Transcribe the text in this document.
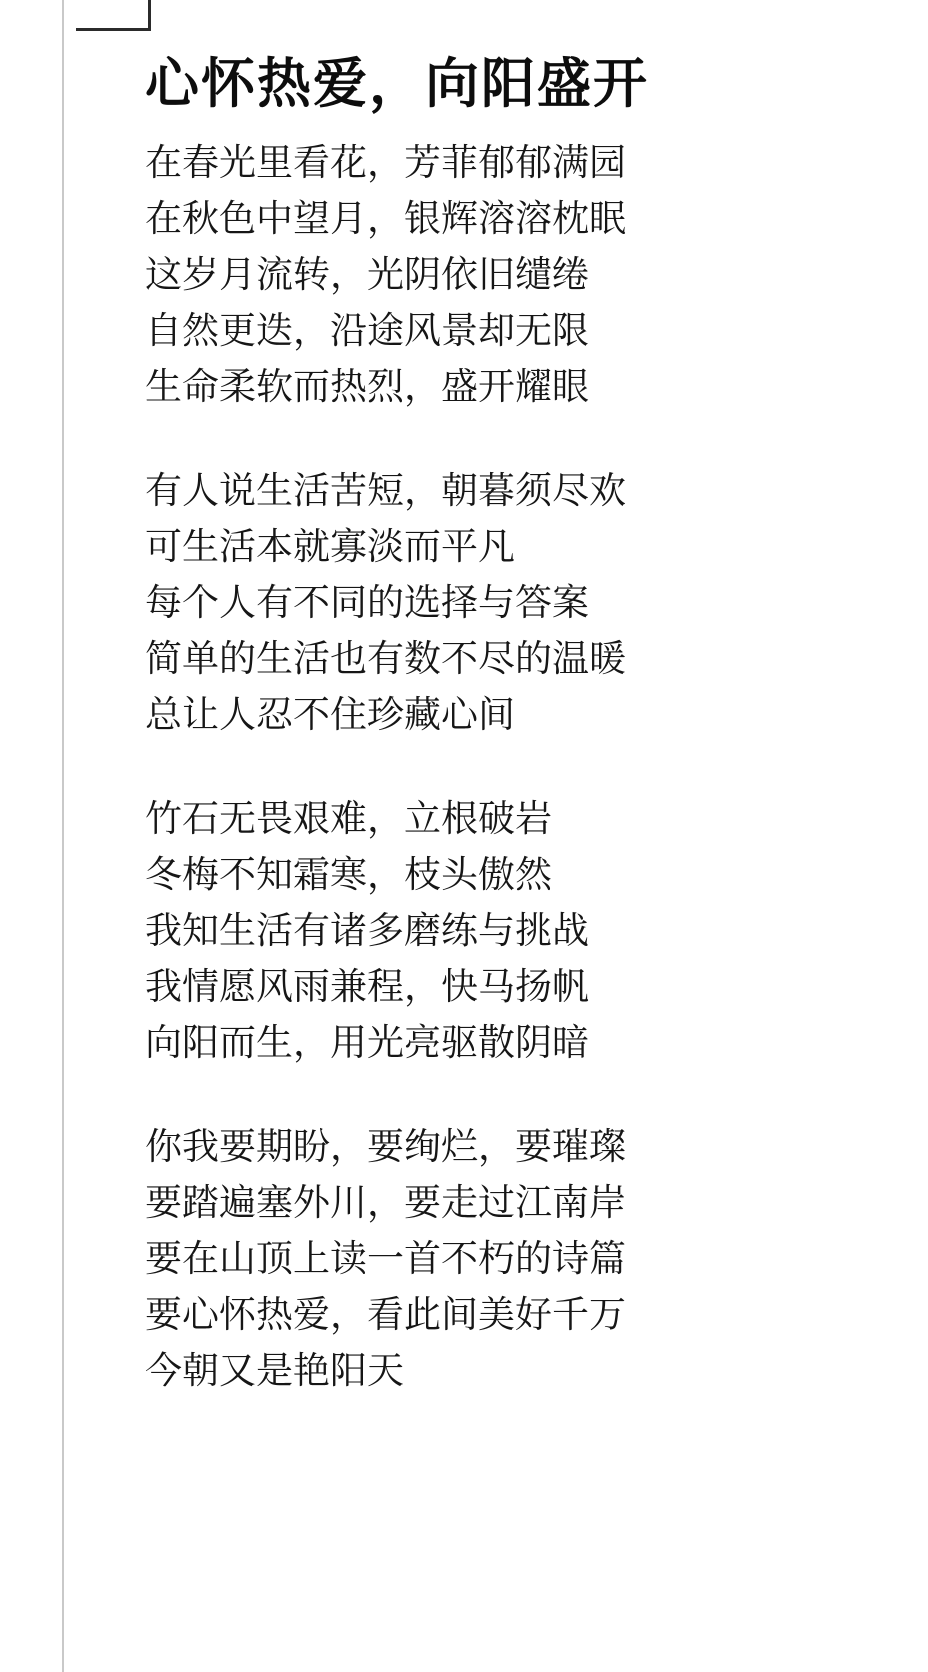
心怀热爱，向阳盛开
在春光里看花，芳菲郁郁满园
在秋色中望月，银辉溶溶枕眠
这岁月流转，光阴依旧缱绻
自然更迭，沿途风景却无限
生命柔软而热烈，盛开耀眼
有人说生活苦短，朝暮须尽欢
可生活本就寡淡而平凡
每个人有不同的选择与答案
简单的生活也有数不尽的温暖
总让人忍不住珍藏心间
竹石无畏艰难，立根破岩
冬梅不知霜寒，枝头傲然
我知生活有诸多磨练与挑战
我情愿风雨兼程，快马扬帆
向阳而生，用光亮驱散阴暗
你我要期盼，要绚烂，要璀璨
要踏遍塞外川，要走过江南岸
要在山顶上读一首不朽的诗篇
要心怀热爱，看此间美好千万
今朝又是艳阳天
